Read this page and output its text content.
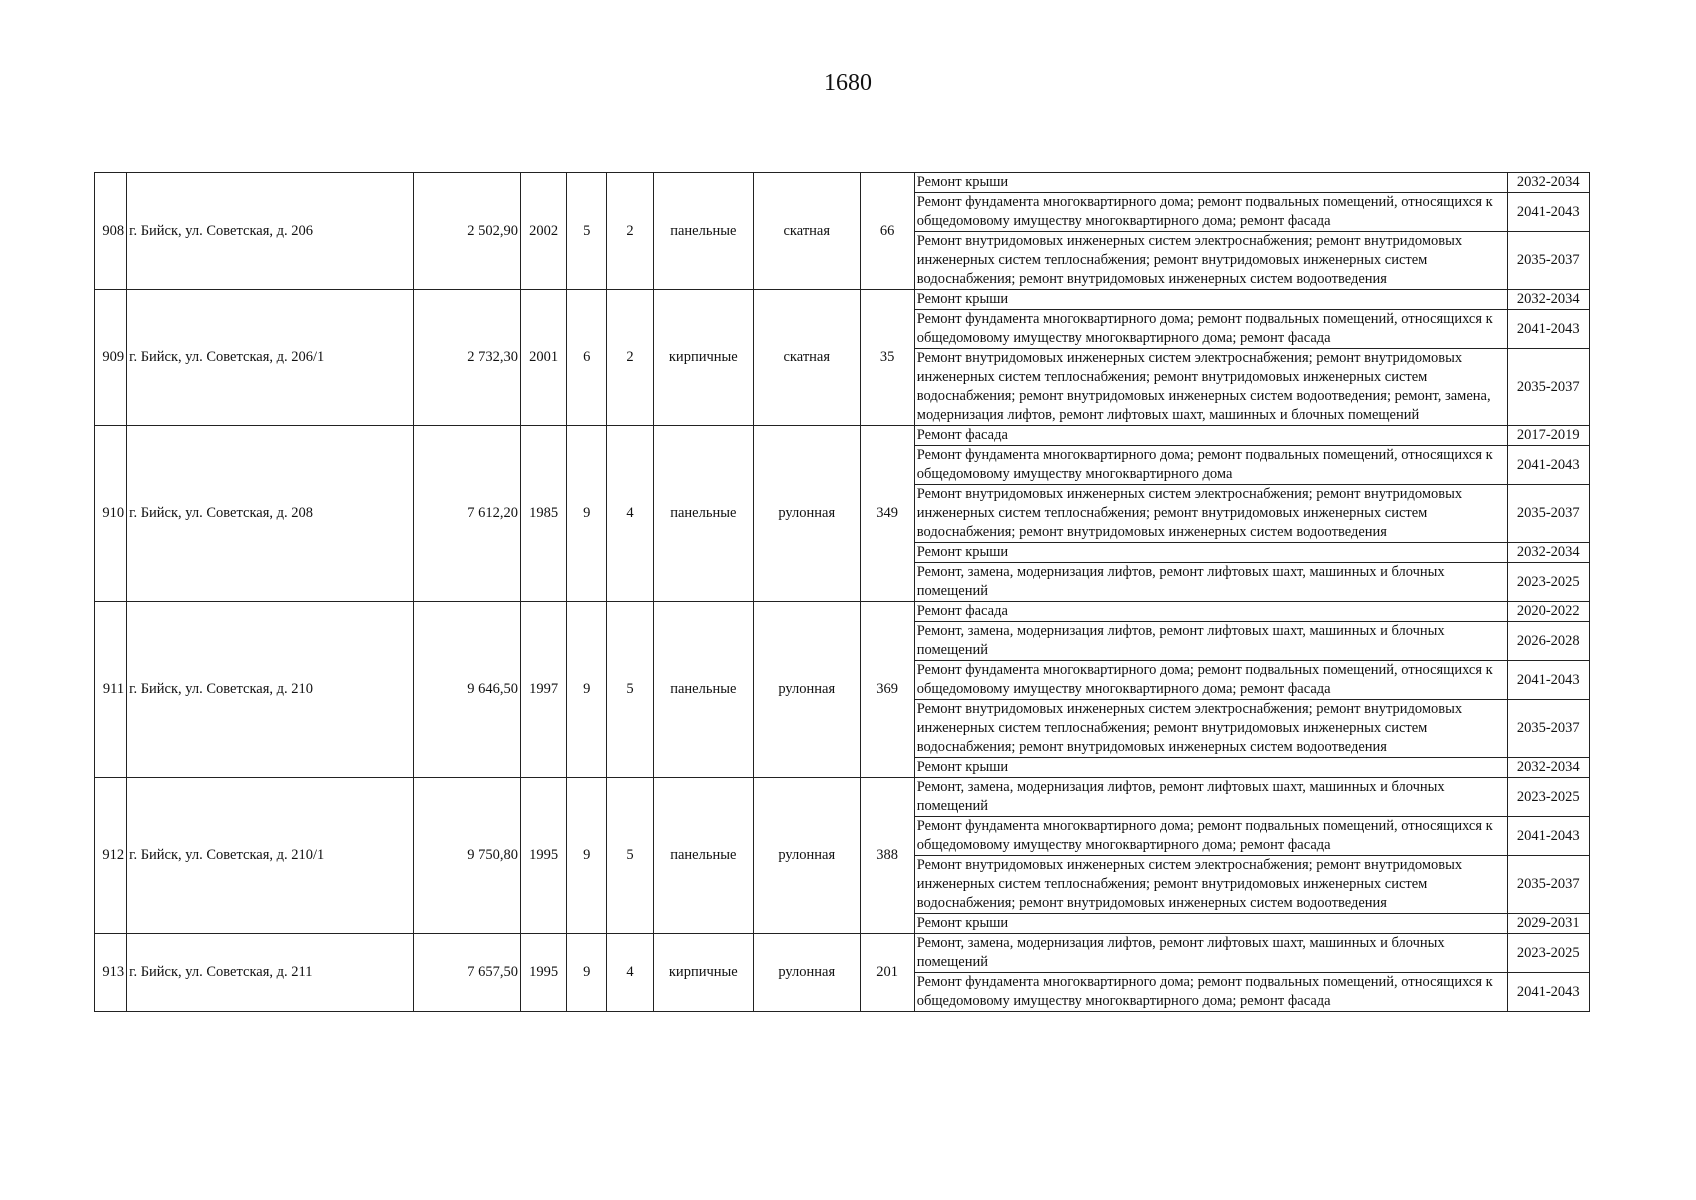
1680
908	г. Бийск, ул. Советская, д. 206	2 502,90	2002	5	2	панельные	скатная	66	Ремонт крыши	2032-2034
									Ремонт фундамента многоквартирного дома; ремонт подвальных помещений, относящихся к общедомовому имуществу многоквартирного дома; ремонт фасада	2041-2043
									Ремонт внутридомовых инженерных систем электроснабжения; ремонт внутридомовых инженерных систем теплоснабжения; ремонт внутридомовых инженерных систем водоснабжения; ремонт внутридомовых инженерных систем водоотведения	2035-2037
909	г. Бийск, ул. Советская, д. 206/1	2 732,30	2001	6	2	кирпичные	скатная	35	Ремонт крыши	2032-2034
									Ремонт фундамента многоквартирного дома; ремонт подвальных помещений, относящихся к общедомовому имуществу многоквартирного дома; ремонт фасада	2041-2043
									Ремонт внутридомовых инженерных систем электроснабжения; ремонт внутридомовых инженерных систем теплоснабжения; ремонт внутридомовых инженерных систем водоснабжения; ремонт внутридомовых инженерных систем водоотведения; ремонт, замена, модернизация лифтов, ремонт лифтовых шахт, машинных и блочных помещений	2035-2037
910	г. Бийск, ул. Советская, д. 208	7 612,20	1985	9	4	панельные	рулонная	349	Ремонт фасада	2017-2019
									Ремонт фундамента многоквартирного дома; ремонт подвальных помещений, относящихся к общедомовому имуществу многоквартирного дома	2041-2043
									Ремонт внутридомовых инженерных систем электроснабжения; ремонт внутридомовых инженерных систем теплоснабжения; ремонт внутридомовых инженерных систем водоснабжения; ремонт внутридомовых инженерных систем водоотведения	2035-2037
									Ремонт крыши	2032-2034
									Ремонт, замена, модернизация лифтов, ремонт лифтовых шахт, машинных и блочных помещений	2023-2025
911	г. Бийск, ул. Советская, д. 210	9 646,50	1997	9	5	панельные	рулонная	369	Ремонт фасада	2020-2022
									Ремонт, замена, модернизация лифтов, ремонт лифтовых шахт, машинных и блочных помещений	2026-2028
									Ремонт фундамента многоквартирного дома; ремонт подвальных помещений, относящихся к общедомовому имуществу многоквартирного дома; ремонт фасада	2041-2043
									Ремонт внутридомовых инженерных систем электроснабжения; ремонт внутридомовых инженерных систем теплоснабжения; ремонт внутридомовых инженерных систем водоснабжения; ремонт внутридомовых инженерных систем водоотведения	2035-2037
									Ремонт крыши	2032-2034
912	г. Бийск, ул. Советская, д. 210/1	9 750,80	1995	9	5	панельные	рулонная	388	Ремонт, замена, модернизация лифтов, ремонт лифтовых шахт, машинных и блочных помещений	2023-2025
									Ремонт фундамента многоквартирного дома; ремонт подвальных помещений, относящихся к общедомовому имуществу многоквартирного дома; ремонт фасада	2041-2043
									Ремонт внутридомовых инженерных систем электроснабжения; ремонт внутридомовых инженерных систем теплоснабжения; ремонт внутридомовых инженерных систем водоснабжения; ремонт внутридомовых инженерных систем водоотведения	2035-2037
									Ремонт крыши	2029-2031
913	г. Бийск, ул. Советская, д. 211	7 657,50	1995	9	4	кирпичные	рулонная	201	Ремонт, замена, модернизация лифтов, ремонт лифтовых шахт, машинных и блочных помещений	2023-2025
									Ремонт фундамента многоквартирного дома; ремонт подвальных помещений, относящихся к общедомовому имуществу многоквартирного дома; ремонт фасада	2041-2043
